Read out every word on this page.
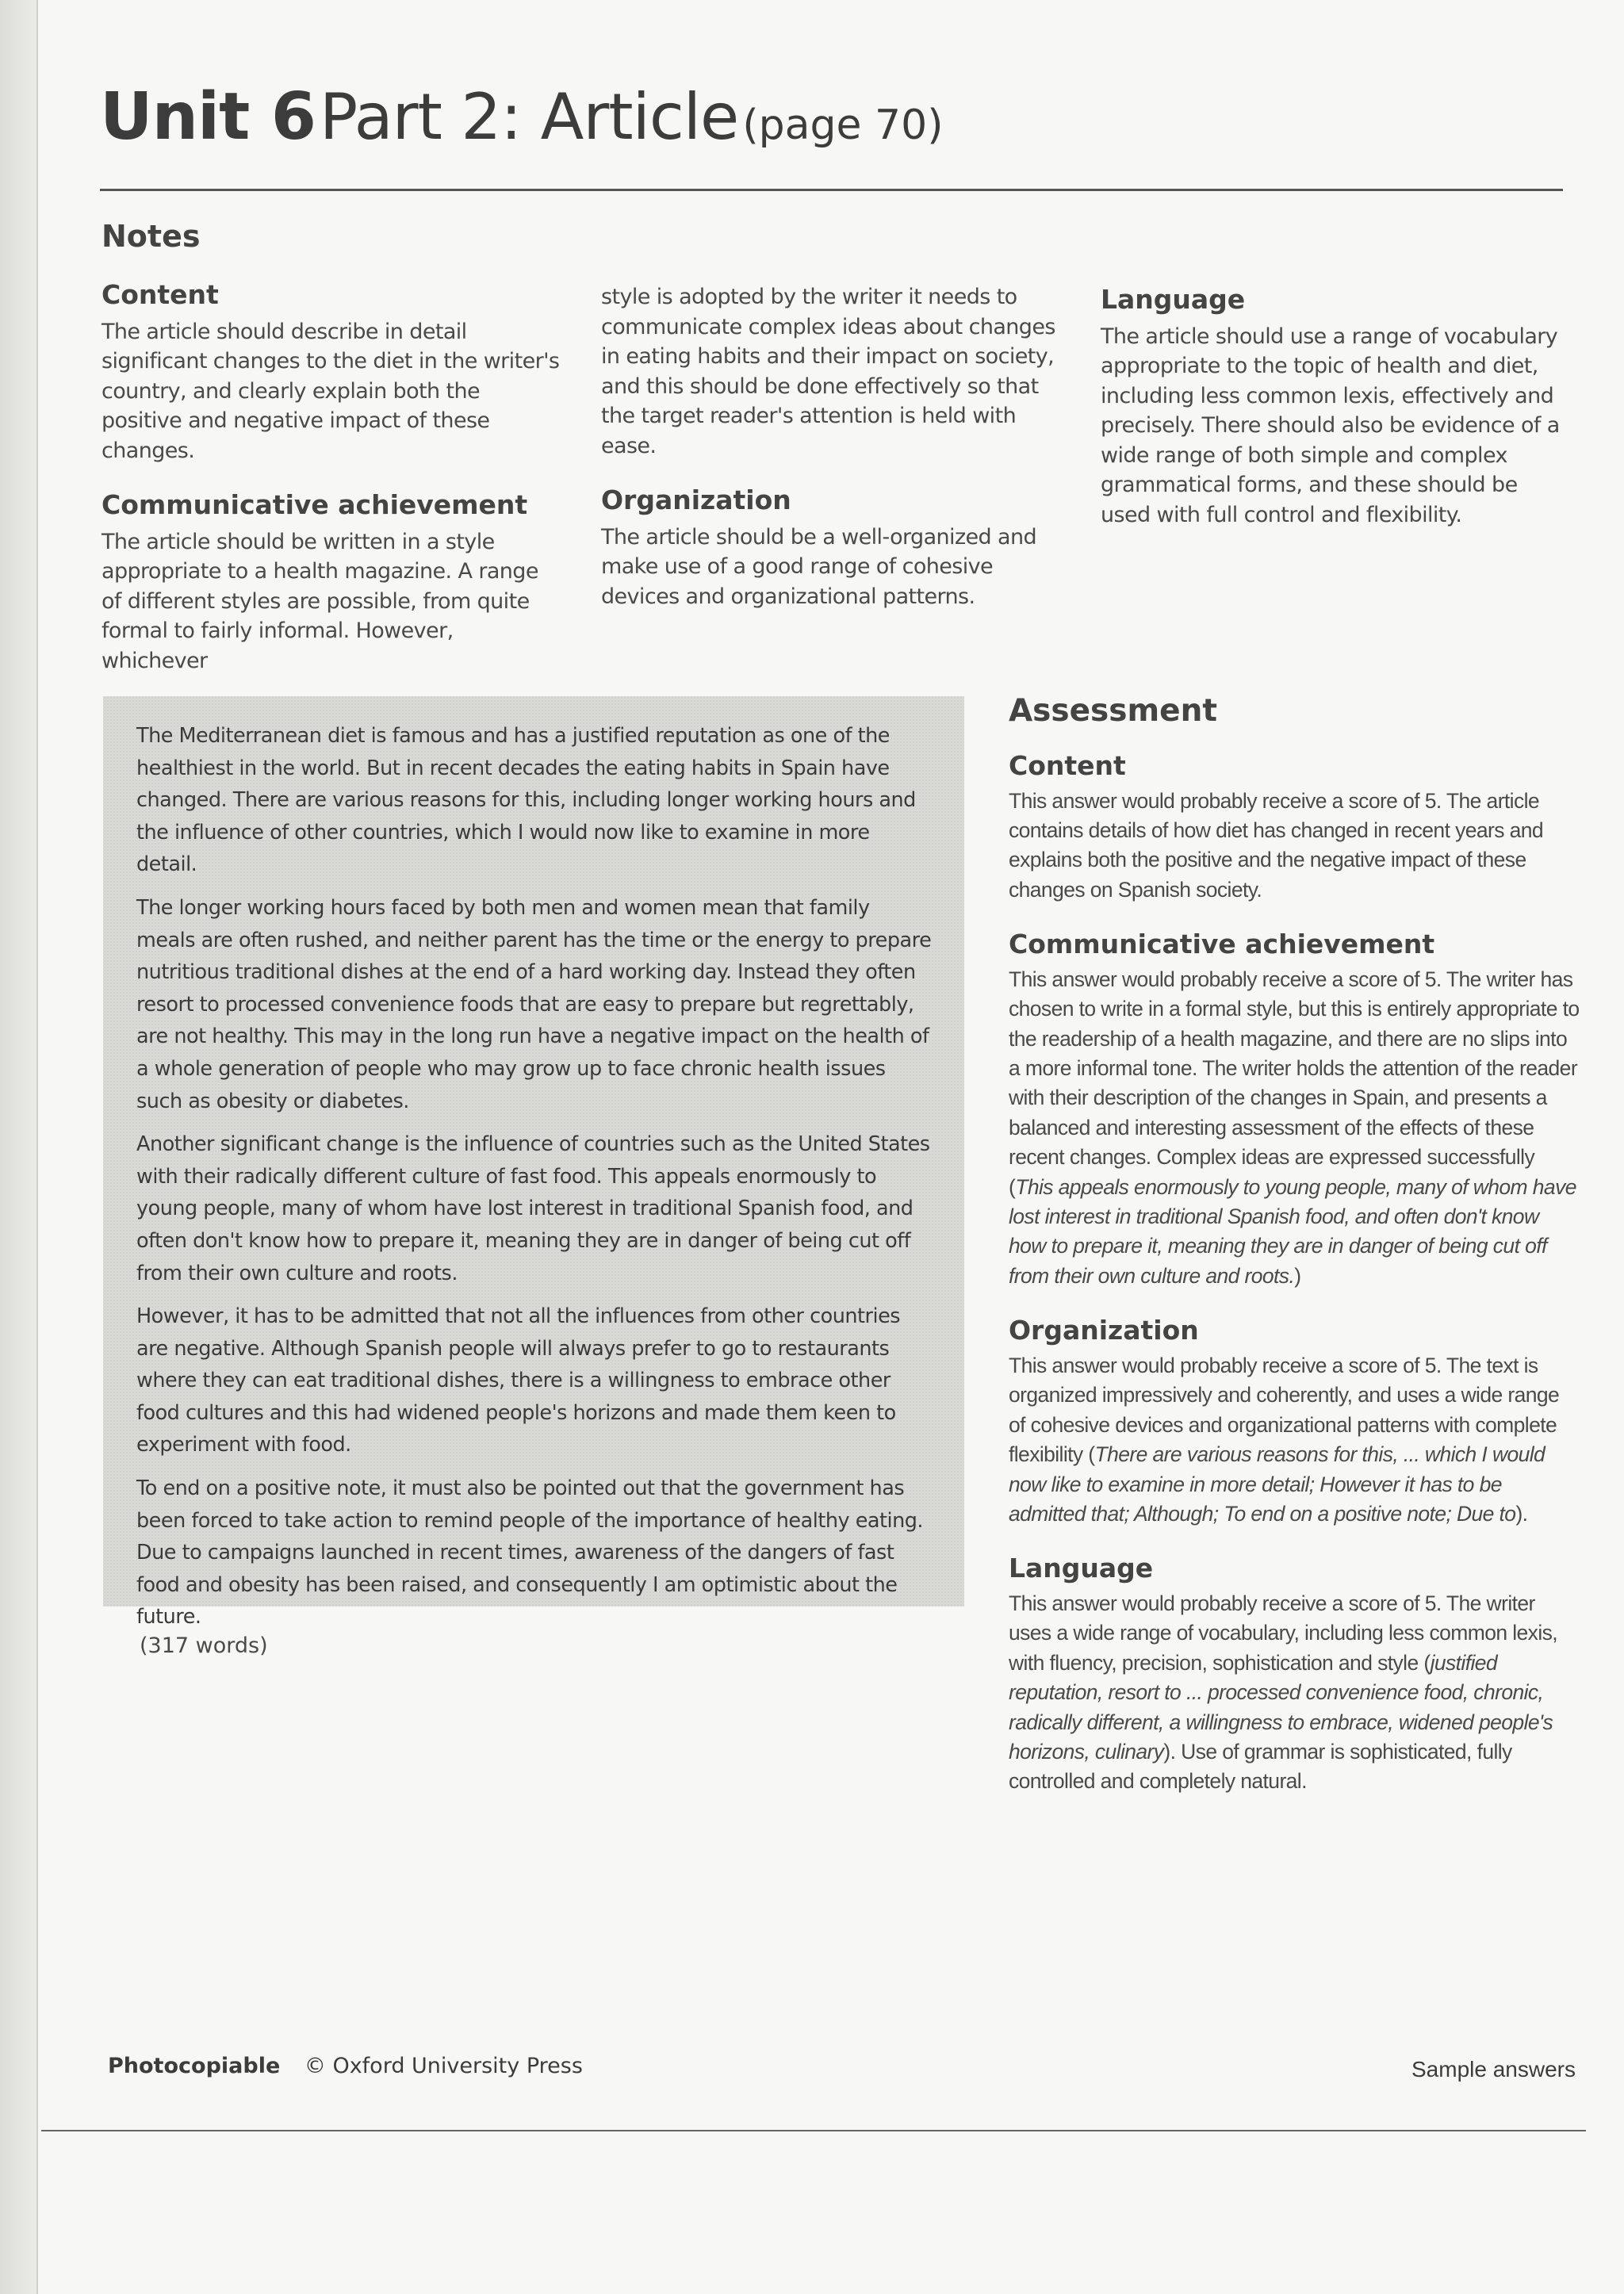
Unit 6 Part 2: Article (page 70)
Notes
Content
The article should describe in detail significant changes to the diet in the writer's country, and clearly explain both the positive and negative impact of these changes.
Communicative achievement
The article should be written in a style appropriate to a health magazine. A range of different styles are possible, from quite formal to fairly informal. However, whichever
style is adopted by the writer it needs to communicate complex ideas about changes in eating habits and their impact on society, and this should be done effectively so that the target reader's attention is held with ease.
Organization
The article should be a well-organized and make use of a good range of cohesive devices and organizational patterns.
Language
The article should use a range of vocabulary appropriate to the topic of health and diet, including less common lexis, effectively and precisely. There should also be evidence of a wide range of both simple and complex grammatical forms, and these should be used with full control and flexibility.

The Mediterranean diet is famous and has a justified reputation as one of the healthiest in the world. But in recent decades the eating habits in Spain have changed. There are various reasons for this, including longer working hours and the influence of other countries, which I would now like to examine in more detail.

The longer working hours faced by both men and women mean that family meals are often rushed, and neither parent has the time or the energy to prepare nutritious traditional dishes at the end of a hard working day. Instead they often resort to processed convenience foods that are easy to prepare but regrettably, are not healthy. This may in the long run have a negative impact on the health of a whole generation of people who may grow up to face chronic health issues such as obesity or diabetes.

Another significant change is the influence of countries such as the United States with their radically different culture of fast food. This appeals enormously to young people, many of whom have lost interest in traditional Spanish food, and often don't know how to prepare it, meaning they are in danger of being cut off from their own culture and roots.

However, it has to be admitted that not all the influences from other countries are negative. Although Spanish people will always prefer to go to restaurants where they can eat traditional dishes, there is a willingness to embrace other food cultures and this had widened people's horizons and made them keen to experiment with food.

To end on a positive note, it must also be pointed out that the government has been forced to take action to remind people of the importance of healthy eating. Due to campaigns launched in recent times, awareness of the dangers of fast food and obesity has been raised, and consequently I am optimistic about the future.

(317 words)
Assessment
Content
This answer would probably receive a score of 5. The article contains details of how diet has changed in recent years and explains both the positive and the negative impact of these changes on Spanish society.
Communicative achievement
This answer would probably receive a score of 5. The writer has chosen to write in a formal style, but this is entirely appropriate to the readership of a health magazine, and there are no slips into a more informal tone. The writer holds the attention of the reader with their description of the changes in Spain, and presents a balanced and interesting assessment of the effects of these recent changes. Complex ideas are expressed successfully (This appeals enormously to young people, many of whom have lost interest in traditional Spanish food, and often don't know how to prepare it, meaning they are in danger of being cut off from their own culture and roots.)
Organization
This answer would probably receive a score of 5. The text is organized impressively and coherently, and uses a wide range of cohesive devices and organizational patterns with complete flexibility (There are various reasons for this, ... which I would now like to examine in more detail; However it has to be admitted that; Although; To end on a positive note; Due to).
Language
This answer would probably receive a score of 5. The writer uses a wide range of vocabulary, including less common lexis, with fluency, precision, sophistication and style (justified reputation, resort to ... processed convenience food, chronic, radically different, a willingness to embrace, widened people's horizons, culinary). Use of grammar is sophisticated, fully controlled and completely natural.
Photocopiable © Oxford University Press	Sample answers
